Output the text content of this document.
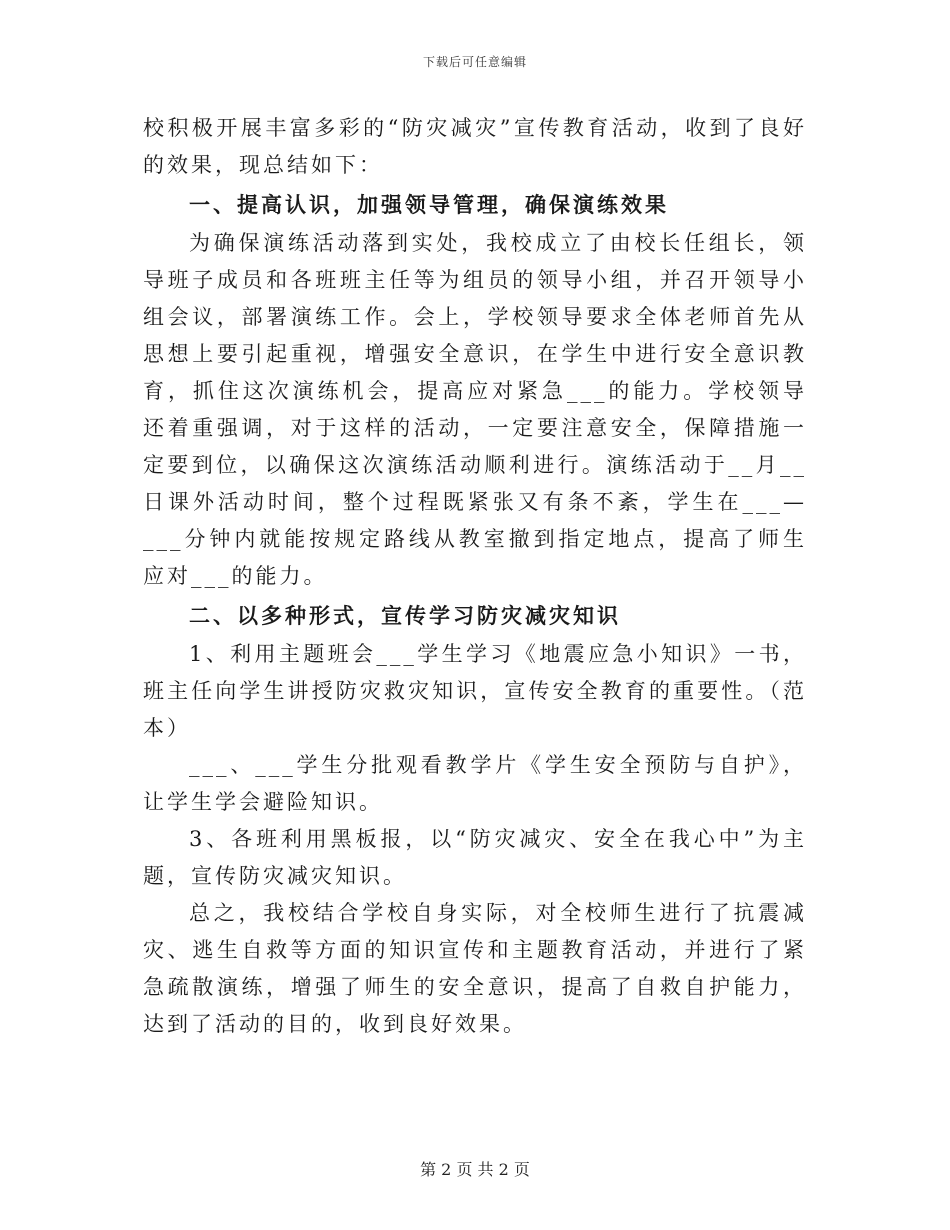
下载后可任意编辑

校积极开展丰富多彩的“防灾减灾”宣传教育活动，收到了良好的效果，现总结如下：

一、提高认识，加强领导管理，确保演练效果

为确保演练活动落到实处，我校成立了由校长任组长，领导班子成员和各班班主任等为组员的领导小组，并召开领导小组会议，部署演练工作。会上，学校领导要求全体老师首先从思想上要引起重视，增强安全意识，在学生中进行安全意识教育，抓住这次演练机会，提高应对紧急___的能力。学校领导还着重强调，对于这样的活动，一定要注意安全，保障措施一定要到位，以确保这次演练活动顺利进行。演练活动于__月__日课外活动时间，整个过程既紧张又有条不紊，学生在___—___分钟内就能按规定路线从教室撤到指定地点，提高了师生应对___的能力。

二、以多种形式，宣传学习防灾减灾知识

1、利用主题班会___学生学习《地震应急小知识》一书，班主任向学生讲授防灾救灾知识，宣传安全教育的重要性。（范本）

___、___学生分批观看教学片《学生安全预防与自护》，让学生学会避险知识。

3、各班利用黑板报，以“防灾减灾、安全在我心中”为主题，宣传防灾减灾知识。

总之，我校结合学校自身实际，对全校师生进行了抗震减灾、逃生自救等方面的知识宣传和主题教育活动，并进行了紧急疏散演练，增强了师生的安全意识，提高了自救自护能力，达到了活动的目的，收到良好效果。

第 2 页 共 2 页
